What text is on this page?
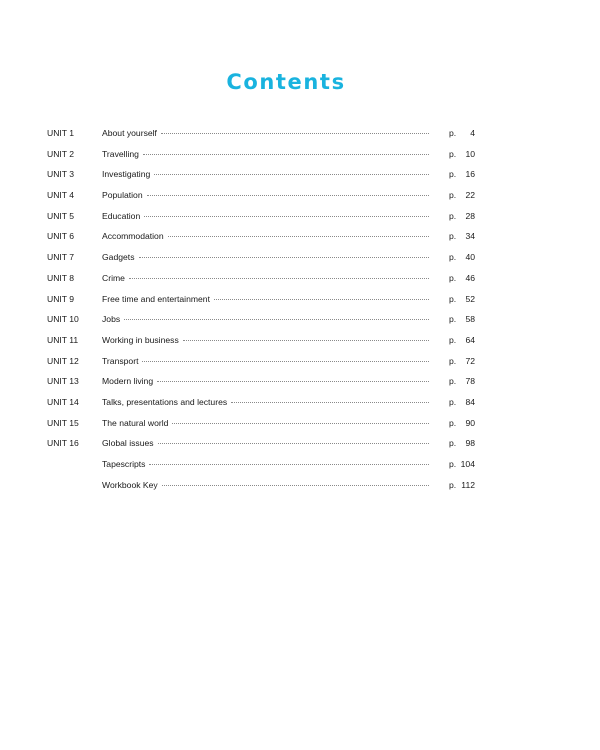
Contents
UNIT 1	About yourself	p.	4
UNIT 2	Travelling	p.	10
UNIT 3	Investigating	p.	16
UNIT 4	Population	p.	22
UNIT 5	Education	p.	28
UNIT 6	Accommodation	p.	34
UNIT 7	Gadgets	p.	40
UNIT 8	Crime	p.	46
UNIT 9	Free time and entertainment	p.	52
UNIT 10	Jobs	p.	58
UNIT 11	Working in business	p.	64
UNIT 12	Transport	p.	72
UNIT 13	Modern living	p.	78
UNIT 14	Talks, presentations and lectures	p.	84
UNIT 15	The natural world	p.	90
UNIT 16	Global issues	p.	98
Tapescripts	p. 104
Workbook Key	p. 112
